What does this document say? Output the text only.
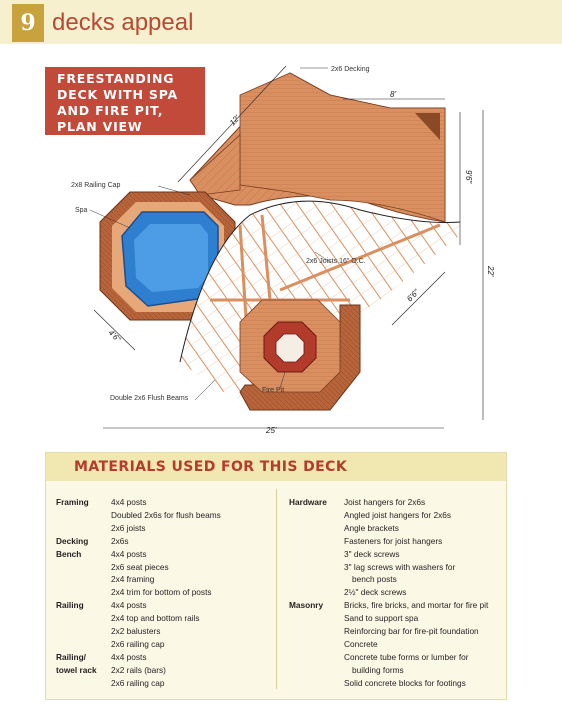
9 decks appeal
2x6 Decking
2x8 Railing Cap
Spa
2x6 Joists 16" O.C.
Fire Pit
Double 2x6 Flush Beams
12'
8'
9'6"
22'
6'6"
4'6"
25'
FREESTANDING
DECK WITH SPA
AND FIRE PIT,
PLAN VIEW
MATERIALS USED FOR THIS DECK
Framing	4x4 posts
Doubled 2x6s for flush beams
2x6 joists
Decking	2x6s
Bench	4x4 posts
2x6 seat pieces
2x4 framing
2x4 trim for bottom of posts
Railing	4x4 posts
2x4 top and bottom rails
2x2 balusters
2x6 railing cap
Railing/	4x4 posts
towel rack	2x2 rails (bars)
2x6 railing cap
Hardware	Joist hangers for 2x6s
Angled joist hangers for 2x6s
Angle brackets
Fasteners for joist hangers
3" deck screws
3" lag screws with washers for
bench posts
2½" deck screws
Masonry	Bricks, fire bricks, and mortar for fire pit
Sand to support spa
Reinforcing bar for fire-pit foundation
Concrete
Concrete tube forms or lumber for
building forms
Solid concrete blocks for footings
